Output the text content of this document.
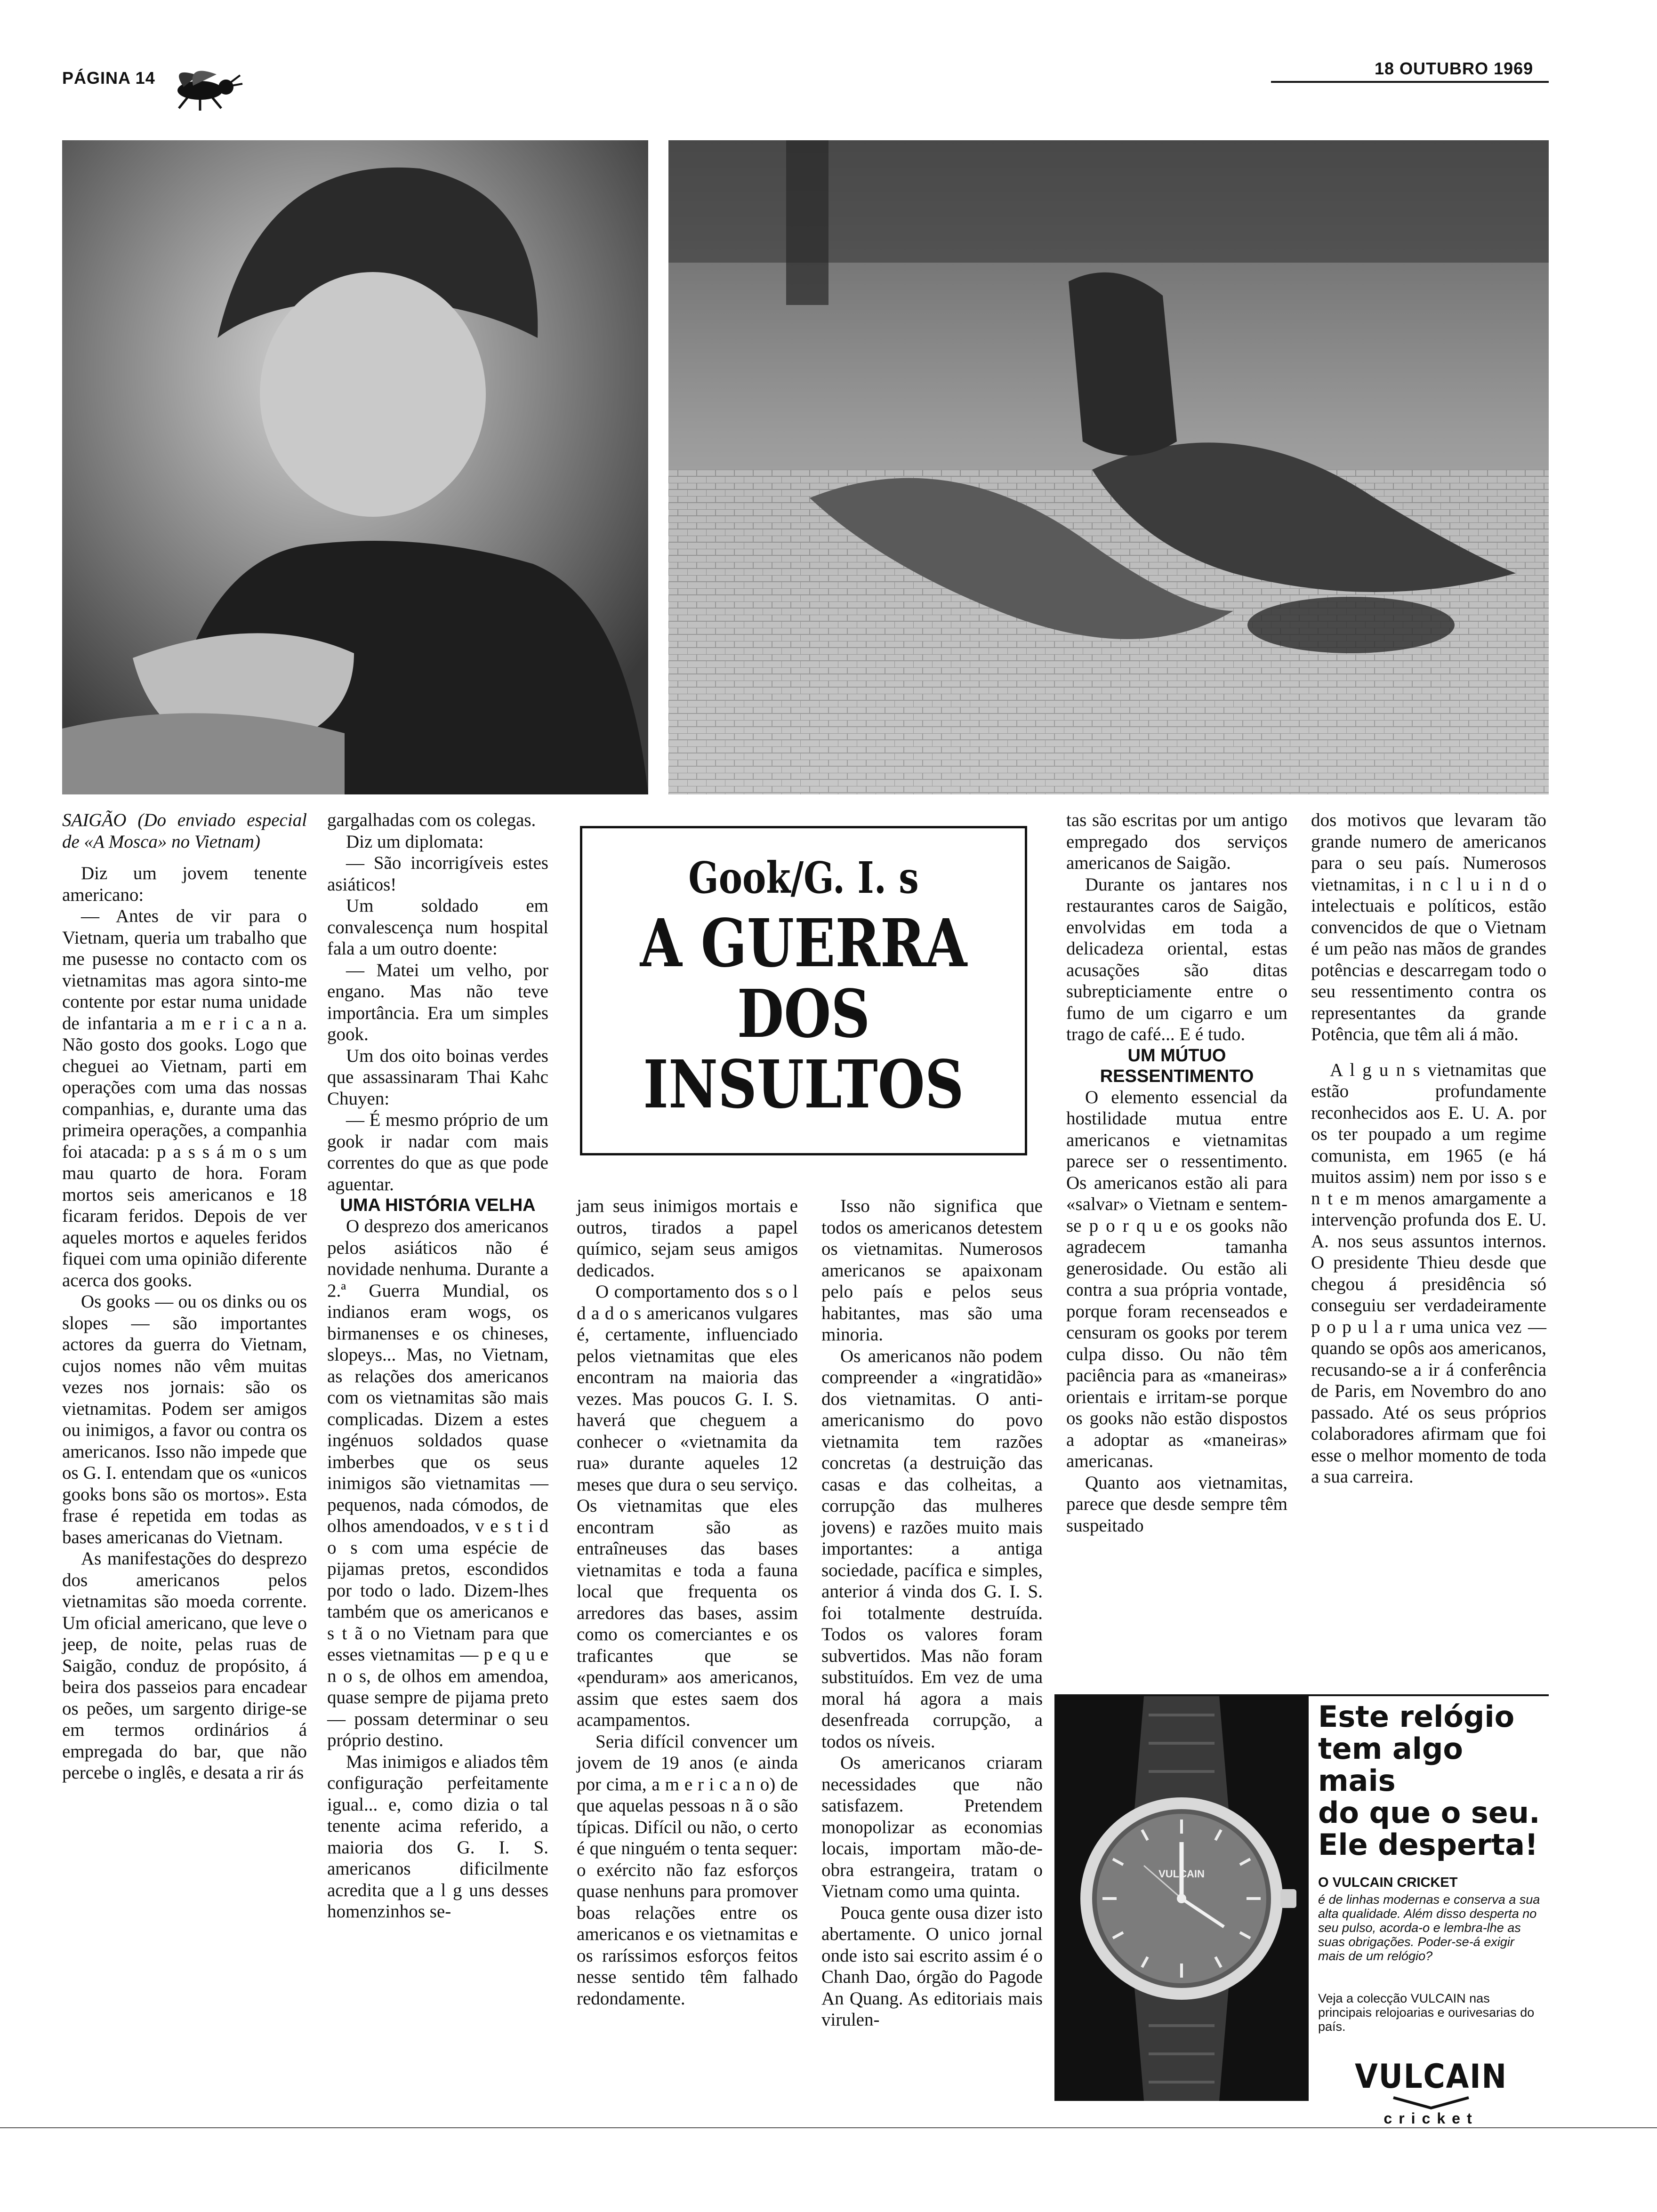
PÁGINA 14	18 OUTUBRO 1969

SAIGÃO (Do enviado especial de «A Mosca» no Vietnam)

Diz um jovem tenente americano:

— Antes de vir para o Vietnam, queria um trabalho que me pusesse no contacto com os vietnamitas mas agora sinto-me contente por estar numa unidade de infantaria a m e r i c a n a. Não gosto dos gooks. Logo que cheguei ao Vietnam, parti em operações com uma das nossas companhias, e, durante uma das primeira operações, a companhia foi atacada: p a s s á m o s um mau quarto de hora. Foram mortos seis americanos e 18 ficaram feridos. Depois de ver aqueles mortos e aqueles feridos fiquei com uma opinião diferente acerca dos gooks.

Os gooks — ou os dinks ou os slopes — são importantes actores da guerra do Vietnam, cujos nomes não vêm muitas vezes nos jornais: são os vietnamitas. Podem ser amigos ou inimigos, a favor ou contra os americanos. Isso não impede que os G. I. entendam que os «unicos gooks bons são os mortos». Esta frase é repetida em todas as bases americanas do Vietnam.

As manifestações do desprezo dos americanos pelos vietnamitas são moeda corrente. Um oficial americano, que leve o jeep, de noite, pelas ruas de Saigão, conduz de propósito, á beira dos passeios para encadear os peões, um sargento dirige-se em termos ordinários á empregada do bar, que não percebe o inglês, e desata a rir ás

gargalhadas com os colegas.

Diz um diplomata:

— São incorrigíveis estes asiáticos!

Um soldado em convalescença num hospital fala a um outro doente:

— Matei um velho, por engano. Mas não teve importância. Era um simples gook.

Um dos oito boinas verdes que assassinaram Thai Kahc Chuyen:

— É mesmo próprio de um gook ir nadar com mais correntes do que as que pode aguentar.

UMA HISTÓRIA VELHA

O desprezo dos americanos pelos asiáticos não é novidade nenhuma. Durante a 2.ª Guerra Mundial, os indianos eram wogs, os birmanenses e os chineses, slopeys... Mas, no Vietnam, as relações dos americanos com os vietnamitas são mais complicadas. Dizem a estes ingénuos soldados quase imberbes que os seus inimigos são vietnamitas — pequenos, nada cómodos, de olhos amendoados, v e s t i d o s com uma espécie de pijamas pretos, escondidos por todo o lado. Dizem-lhes também que os americanos e s t ã o no Vietnam para que esses vietnamitas — p e q u e n o s, de olhos em amendoa, quase sempre de pijama preto — possam determinar o seu próprio destino.

Mas inimigos e aliados têm configuração perfeitamente igual... e, como dizia o tal tenente acima referido, a maioria dos G. I. S. americanos dificilmente acredita que a l g uns desses homenzinhos se-

Gook/G. I. s
A GUERRA
DOS
INSULTOS

jam seus inimigos mortais e outros, tirados a papel químico, sejam seus amigos dedicados.

O comportamento dos s o l d a d o s americanos vulgares é, certamente, influenciado pelos vietnamitas que eles encontram na maioria das vezes. Mas poucos G. I. S. haverá que cheguem a conhecer o «vietnamita da rua» durante aqueles 12 meses que dura o seu serviço. Os vietnamitas que eles encontram são as entraîneuses das bases vietnamitas e toda a fauna local que frequenta os arredores das bases, assim como os comerciantes e os traficantes que se «penduram» aos americanos, assim que estes saem dos acampamentos.

Seria difícil convencer um jovem de 19 anos (e ainda por cima, a m e r i c a n o) de que aquelas pessoas n ã o são típicas. Difícil ou não, o certo é que ninguém o tenta sequer: o exército não faz esforços quase nenhuns para promover boas relações entre os americanos e os vietnamitas e os raríssimos esforços feitos nesse sentido têm falhado redondamente.

Isso não significa que todos os americanos detestem os vietnamitas. Numerosos americanos se apaixonam pelo país e pelos seus habitantes, mas são uma minoria.

Os americanos não podem compreender a «ingratidão» dos vietnamitas. O anti-americanismo do povo vietnamita tem razões concretas (a destruição das casas e das colheitas, a corrupção das mulheres jovens) e razões muito mais importantes: a antiga sociedade, pacífica e simples, anterior á vinda dos G. I. S. foi totalmente destruída. Todos os valores foram subvertidos. Mas não foram substituídos. Em vez de uma moral há agora a mais desenfreada corrupção, a todos os níveis.

Os americanos criaram necessidades que não satisfazem. Pretendem monopolizar as economias locais, importam mão-de-obra estrangeira, tratam o Vietnam como uma quinta.

Pouca gente ousa dizer isto abertamente. O unico jornal onde isto sai escrito assim é o Chanh Dao, órgão do Pagode An Quang. As editoriais mais virulen-

tas são escritas por um antigo empregado dos serviços americanos de Saigão.

Durante os jantares nos restaurantes caros de Saigão, envolvidas em toda a delicadeza oriental, estas acusações são ditas subrepticiamente entre o fumo de um cigarro e um trago de café... E é tudo.

UM MÚTUO RESSENTIMENTO

O elemento essencial da hostilidade mutua entre americanos e vietnamitas parece ser o ressentimento. Os americanos estão ali para «salvar» o Vietnam e sentem-se p o r q u e os gooks não agradecem tamanha generosidade. Ou estão ali contra a sua própria vontade, porque foram recenseados e censuram os gooks por terem culpa disso. Ou não têm paciência para as «maneiras» orientais e irritam-se porque os gooks não estão dispostos a adoptar as «maneiras» americanas.

Quanto aos vietnamitas, parece que desde sempre têm suspeitado

dos motivos que levaram tão grande numero de americanos para o seu país. Numerosos vietnamitas, i n c l u i n d o intelectuais e políticos, estão convencidos de que o Vietnam é um peão nas mãos de grandes potências e descarregam todo o seu ressentimento contra os representantes da grande Potência, que têm ali á mão.

A l g u n s vietnamitas que estão profundamente reconhecidos aos E. U. A. por os ter poupado a um regime comunista, em 1965 (e há muitos assim) nem por isso s e n t e m menos amargamente a intervenção profunda dos E. U. A. nos seus assuntos internos. O presidente Thieu desde que chegou á presidência só conseguiu ser verdadeiramente p o p u l a r uma unica vez — quando se opôs aos americanos, recusando-se a ir á conferência de Paris, em Novembro do ano passado. Até os seus próprios colaboradores afirmam que foi esse o melhor momento de toda a sua carreira.

VULCAIN
Este relógio
tem algo mais
do que o seu.
Ele desperta!
O VULCAIN CRICKET
é de linhas modernas e conserva a sua alta qualidade. Além disso desperta no seu pulso, acorda-o e lembra-lhe as suas obrigações. Poder-se-á exigir mais de um relógio?
Veja a colecção VULCAIN nas principais relojoarias e ourivesarias do país.
VULCAIN
cricket
